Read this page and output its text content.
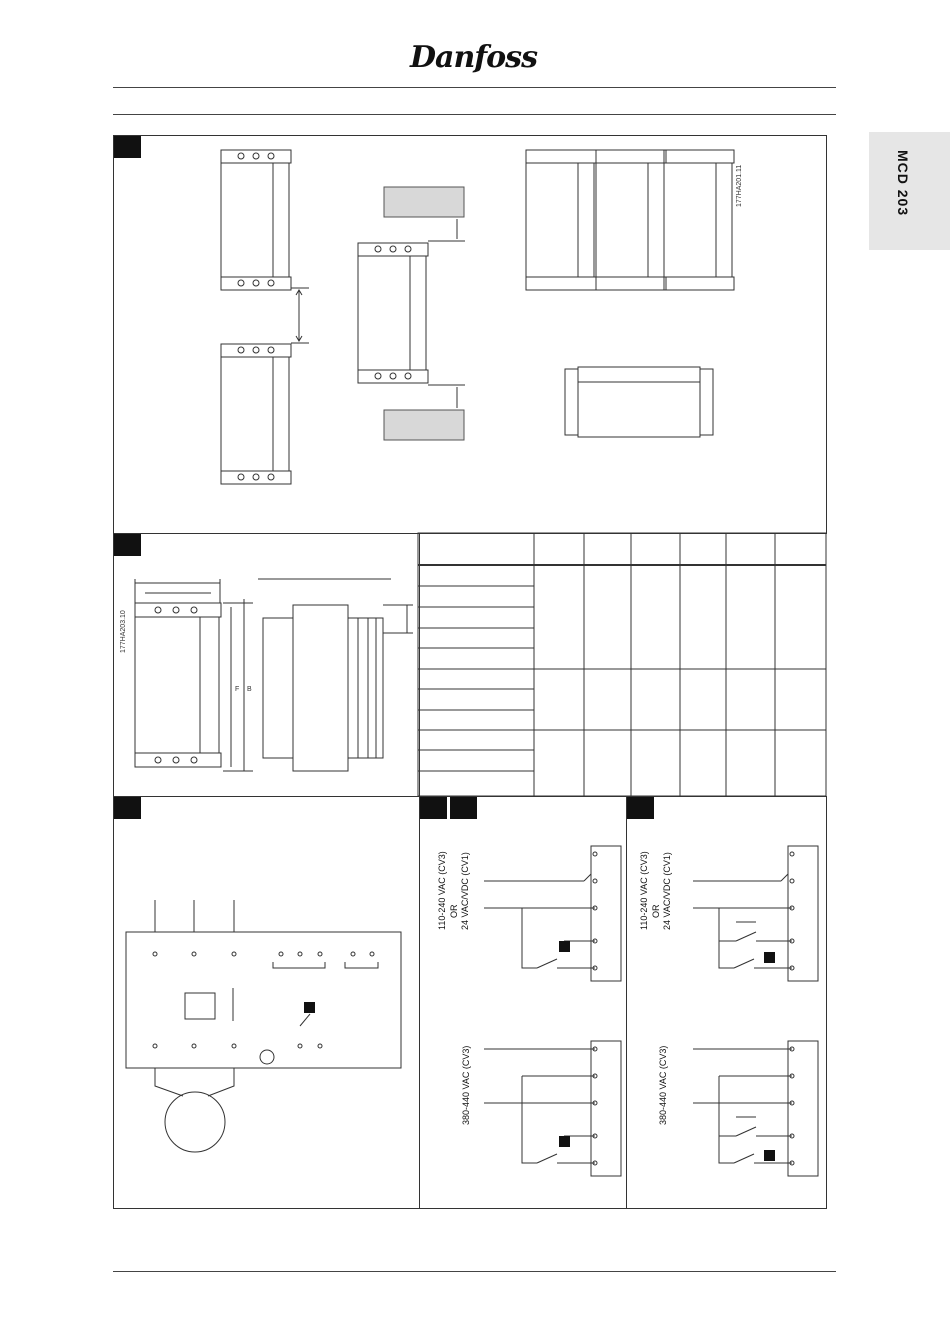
Danfoss
MCD 203
177HA201.11
177HA203.10
F B
110-240 VAC (CV3) OR 24 VAC/VDC (CV1)
380-440 VAC (CV3)
110-240 VAC (CV3) OR 24 VAC/VDC (CV1)
380-440 VAC (CV3)
